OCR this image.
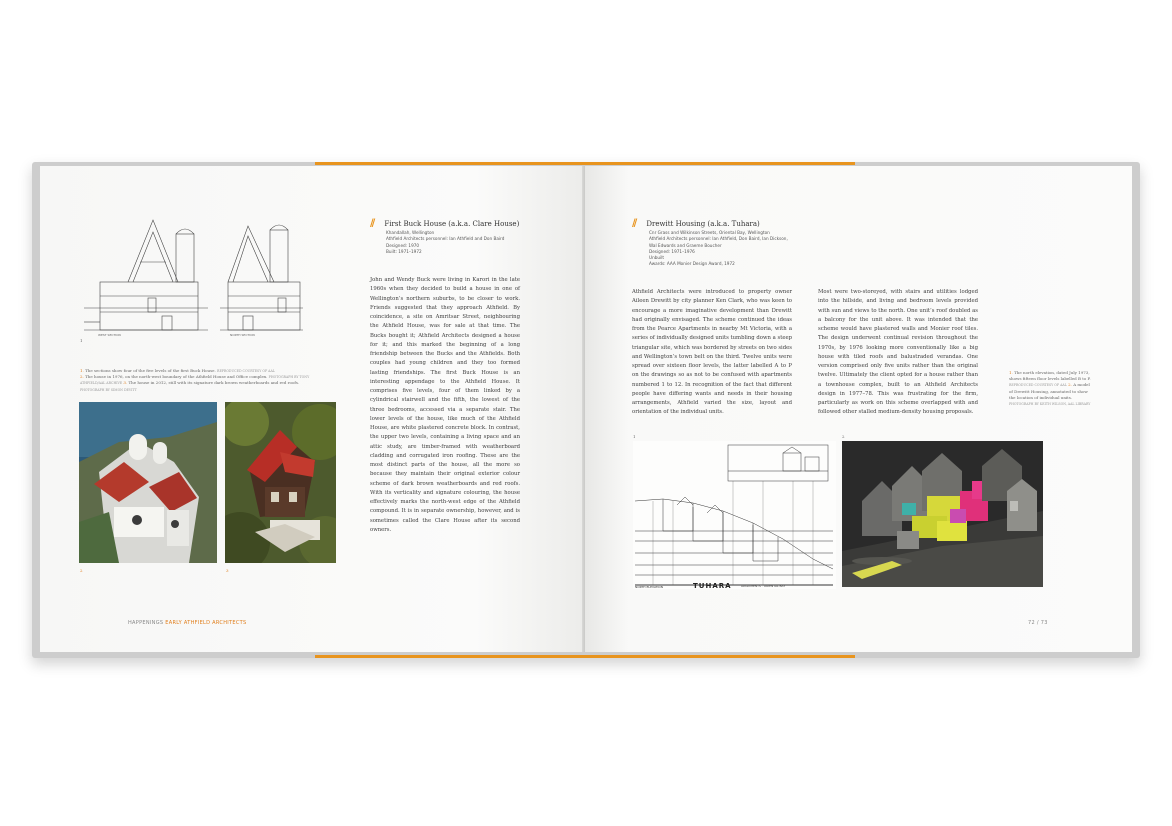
WEST SECTION	NORTH SECTION
1
1. The sections show four of the five levels of the first Buck House. REPRODUCED COURTESY OF AAL
2. The house in 1976, on the north-west boundary of the Athfield House and Office complex. PHOTOGRAPH BY TONY ATHFIELD/AAL ARCHIVE 3. The house in 2012, still with its signature dark brown weatherboards and red roofs. PHOTOGRAPH BY SIMON DEVITT
2	3
// First Buck House (a.k.a. Clare House)
Khandallah, Wellington
Athfield Architects personnel: Ian Athfield and Don Baird
Designed: 1970
Built: 1971–1972
John and Wendy Buck were living in Karori in the late 1960s when they decided to build a house in one of Wellington’s northern suburbs, to be closer to work. Friends suggested that they approach Athfield. By coincidence, a site on Amritsar Street, neighbouring the Athfield House, was for sale at that time. The Bucks bought it; Athfield Architects designed a house for it; and this marked the beginning of a long friendship between the Bucks and the Athfields. Both couples had young children and they too formed lasting friendships. The first Buck House is an interesting appendage to the Athfield House. It comprises five levels, four of them linked by a cylindrical stairwell and the fifth, the lowest of the three bedrooms, accessed via a separate stair. The lower levels of the house, like much of the Athfield House, are white plastered concrete block. In contrast, the upper two levels, containing a living space and an attic study, are timber-framed with weatherboard cladding and corrugated iron roofing. These are the most distinct parts of the house, all the more so because they maintain their original exterior colour scheme of dark brown weatherboards and red roofs. With its verticality and signature colouring, the house effectively marks the north-west edge of the Athfield compound. It is in separate ownership, however, and is sometimes called the Clare House after its second owners.
HAPPENINGS EARLY ATHFIELD ARCHITECTS
// Drewitt Housing (a.k.a. Tuhara)
Cnr Grass and Wilkinson Streets, Oriental Bay, Wellington
Athfield Architects personnel: Ian Athfield, Don Baird, Ian Dickson,
Wal Edwards and Graeme Boucher
Designed: 1971–1976
Unbuilt
Awards: AAA Monier Design Award, 1972
Athfield Architects were introduced to property owner Aileen Drewitt by city planner Ken Clark, who was keen to encourage a more imaginative development than Drewitt had originally envisaged. The scheme continued the ideas from the Pearce Apartments in nearby Mt Victoria, with a series of individually designed units tumbling down a steep triangular site, which was bordered by streets on two sides and Wellington’s town belt on the third. Twelve units were spread over sixteen floor levels, the latter labelled A to P on the drawings so as not to be confused with apartments numbered 1 to 12. In recognition of the fact that different people have differing wants and needs in their housing arrangements, Athfield varied the size, layout and orientation of the individual units.
Most were two-storeyed, with stairs and utilities lodged into the hillside, and living and bedroom levels provided with sun and views to the north. One unit’s roof doubled as a balcony for the unit above. It was intended that the scheme would have plastered walls and Monier roof tiles. The design underwent continual revision throughout the 1970s, by 1976 looking more conventionally like a big house with tiled roofs and balustraded verandas. One version comprised only five units rather than the original twelve. Ultimately the client opted for a house rather than a townhouse complex, built to an Athfield Architects design in 1977–78. This was frustrating for the firm, particularly as work on this scheme overlapped with and followed other stalled medium-density housing proposals.
1. The north elevation, dated July 1973, shows fifteen floor levels labelled B to P. REPRODUCED COURTESY OF AAL 2. A model of Drewitt Housing, annotated to show the location of individual units. PHOTOGRAPH BY KEITH WILSON, AAL LIBRARY
1	2
NORTH ELEVATION	TUHARA	APARTMENTS · ORIENTAL BAY
72 / 73
